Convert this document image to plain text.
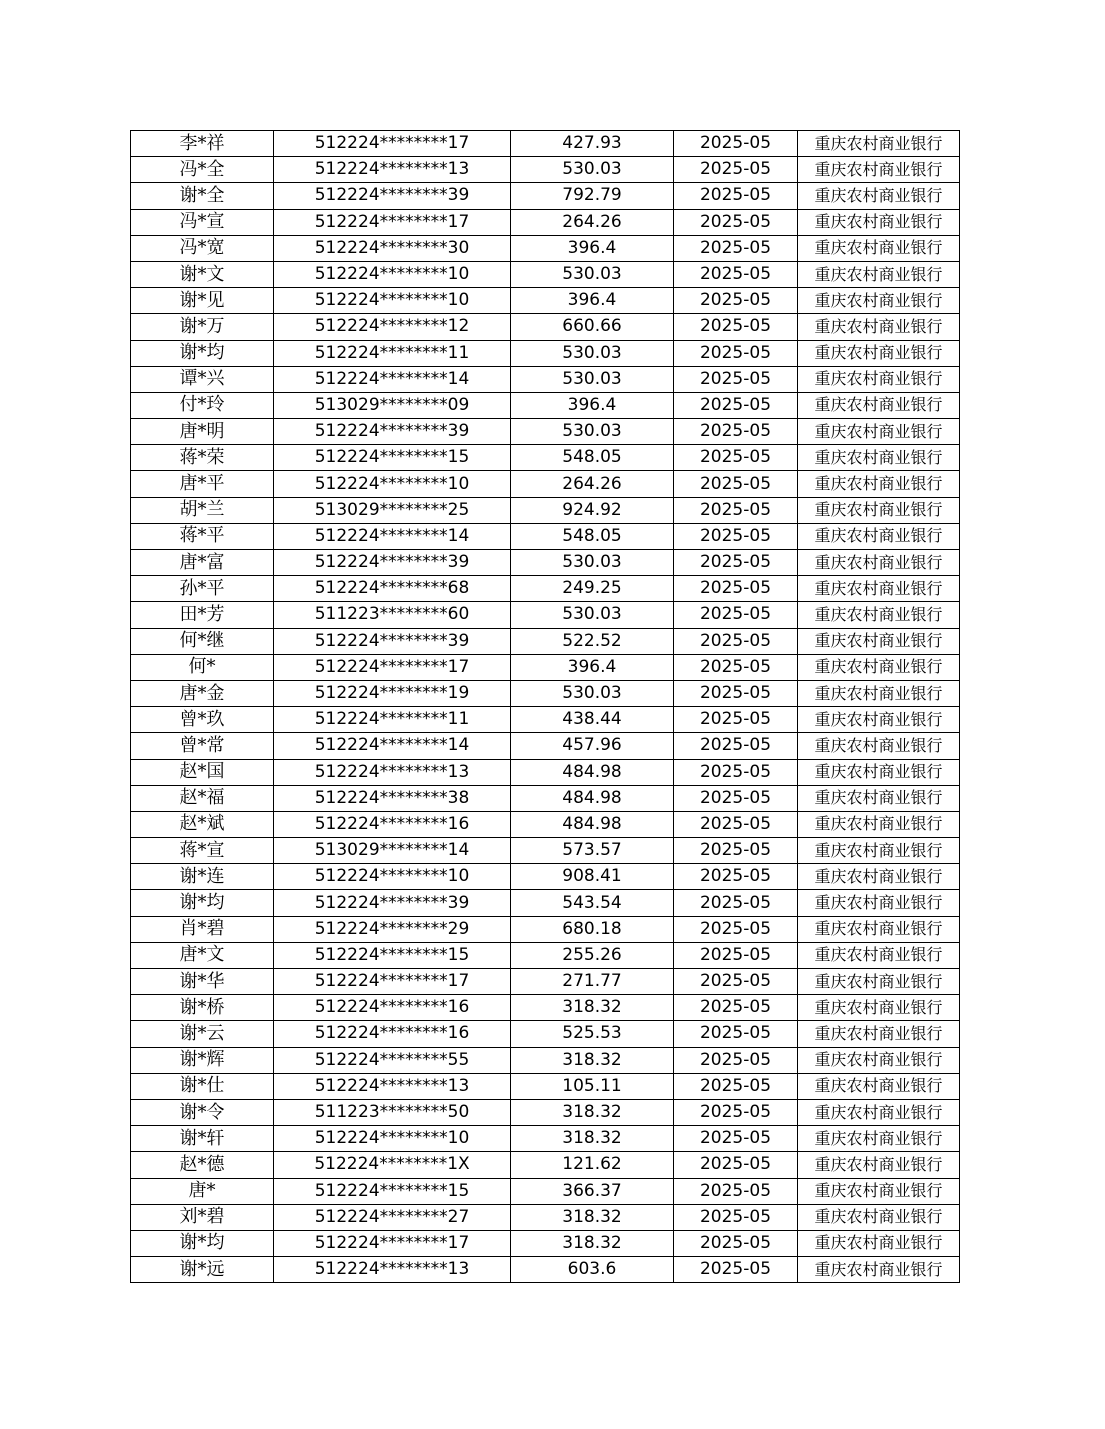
李*祥	512224********17	427.93	2025-05	重庆农村商业银行
冯*全	512224********13	530.03	2025-05	重庆农村商业银行
谢*全	512224********39	792.79	2025-05	重庆农村商业银行
冯*宣	512224********17	264.26	2025-05	重庆农村商业银行
冯*宽	512224********30	396.4	2025-05	重庆农村商业银行
谢*文	512224********10	530.03	2025-05	重庆农村商业银行
谢*见	512224********10	396.4	2025-05	重庆农村商业银行
谢*万	512224********12	660.66	2025-05	重庆农村商业银行
谢*均	512224********11	530.03	2025-05	重庆农村商业银行
谭*兴	512224********14	530.03	2025-05	重庆农村商业银行
付*玲	513029********09	396.4	2025-05	重庆农村商业银行
唐*明	512224********39	530.03	2025-05	重庆农村商业银行
蒋*荣	512224********15	548.05	2025-05	重庆农村商业银行
唐*平	512224********10	264.26	2025-05	重庆农村商业银行
胡*兰	513029********25	924.92	2025-05	重庆农村商业银行
蒋*平	512224********14	548.05	2025-05	重庆农村商业银行
唐*富	512224********39	530.03	2025-05	重庆农村商业银行
孙*平	512224********68	249.25	2025-05	重庆农村商业银行
田*芳	511223********60	530.03	2025-05	重庆农村商业银行
何*继	512224********39	522.52	2025-05	重庆农村商业银行
何*	512224********17	396.4	2025-05	重庆农村商业银行
唐*金	512224********19	530.03	2025-05	重庆农村商业银行
曾*玖	512224********11	438.44	2025-05	重庆农村商业银行
曾*常	512224********14	457.96	2025-05	重庆农村商业银行
赵*国	512224********13	484.98	2025-05	重庆农村商业银行
赵*福	512224********38	484.98	2025-05	重庆农村商业银行
赵*斌	512224********16	484.98	2025-05	重庆农村商业银行
蒋*宣	513029********14	573.57	2025-05	重庆农村商业银行
谢*连	512224********10	908.41	2025-05	重庆农村商业银行
谢*均	512224********39	543.54	2025-05	重庆农村商业银行
肖*碧	512224********29	680.18	2025-05	重庆农村商业银行
唐*文	512224********15	255.26	2025-05	重庆农村商业银行
谢*华	512224********17	271.77	2025-05	重庆农村商业银行
谢*桥	512224********16	318.32	2025-05	重庆农村商业银行
谢*云	512224********16	525.53	2025-05	重庆农村商业银行
谢*辉	512224********55	318.32	2025-05	重庆农村商业银行
谢*仕	512224********13	105.11	2025-05	重庆农村商业银行
谢*令	511223********50	318.32	2025-05	重庆农村商业银行
谢*轩	512224********10	318.32	2025-05	重庆农村商业银行
赵*德	512224********1X	121.62	2025-05	重庆农村商业银行
唐*	512224********15	366.37	2025-05	重庆农村商业银行
刘*碧	512224********27	318.32	2025-05	重庆农村商业银行
谢*均	512224********17	318.32	2025-05	重庆农村商业银行
谢*远	512224********13	603.6	2025-05	重庆农村商业银行
